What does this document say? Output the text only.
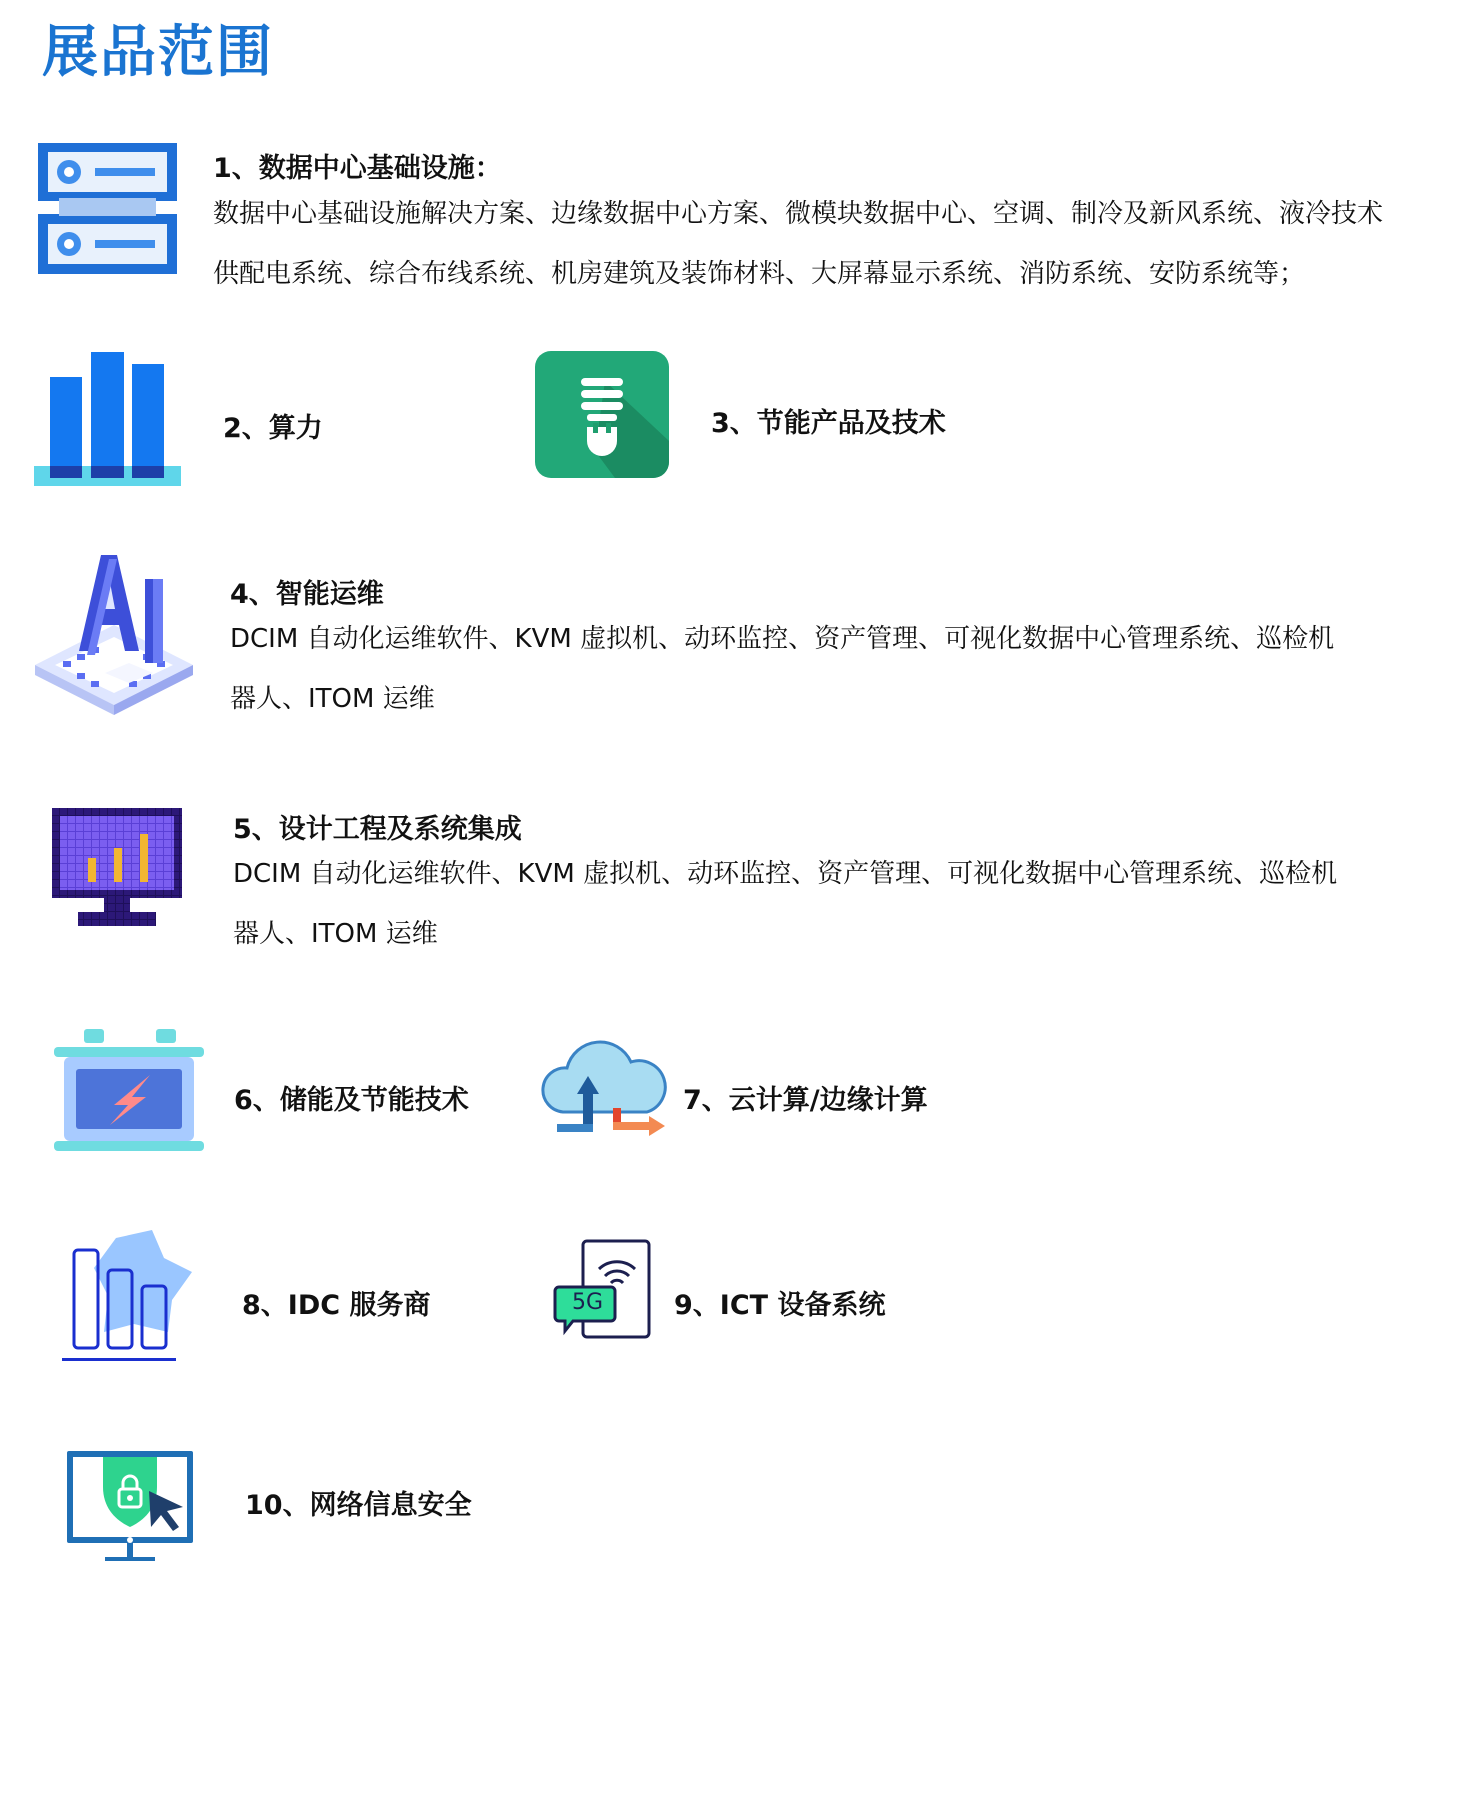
展品范围
1、数据中心基础设施：
数据中心基础设施解决方案、边缘数据中心方案、微模块数据中心、空调、制冷及新风系统、液冷技术
供配电系统、综合布线系统、机房建筑及装饰材料、大屏幕显示系统、消防系统、安防系统等；
2、算力	3、节能产品及技术
4、智能运维
DCIM 自动化运维软件、KVM 虚拟机、动环监控、资产管理、可视化数据中心管理系统、巡检机
器人、ITOM 运维
5、设计工程及系统集成
DCIM 自动化运维软件、KVM 虚拟机、动环监控、资产管理、可视化数据中心管理系统、巡检机
器人、ITOM 运维
6、储能及节能技术	7、云计算/边缘计算
8、IDC 服务商	5G	9、ICT 设备系统
10、网络信息安全
